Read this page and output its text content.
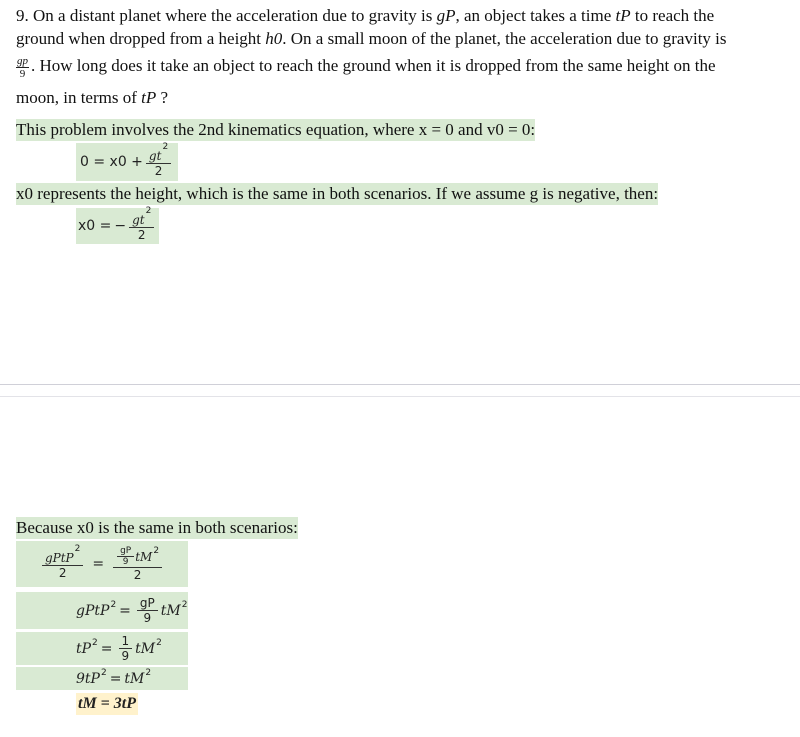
9. On a distant planet where the acceleration due to gravity is gP, an object takes a time tP to reach the
ground when dropped from a height h0. On a small moon of the planet, the acceleration due to gravity is
$\frac{gp}{9}$ . How long does it take an object to reach the ground when it is dropped from the same height on the
moon, in terms of tP ?
This problem involves the 2nd kinematics equation, where x = 0 and v0 = 0:
$0 = x0 + \frac{gt^2}{2}$
x0 represents the height, which is the same in both scenarios. If we assume g is negative, then:
x0 = − $\frac{gt^2}{2}$
Because x0 is the same in both scenarios:
$\frac{gPtP^2}{2} = \frac{\frac{gP}{9} tM^2}{2}$
gPtP$^2$ = $\frac{gP}{9} tM^2$
$tP^2 = \frac{1}{9} tM^2$
$9tP^2 = tM^2$
tM = 3tP
